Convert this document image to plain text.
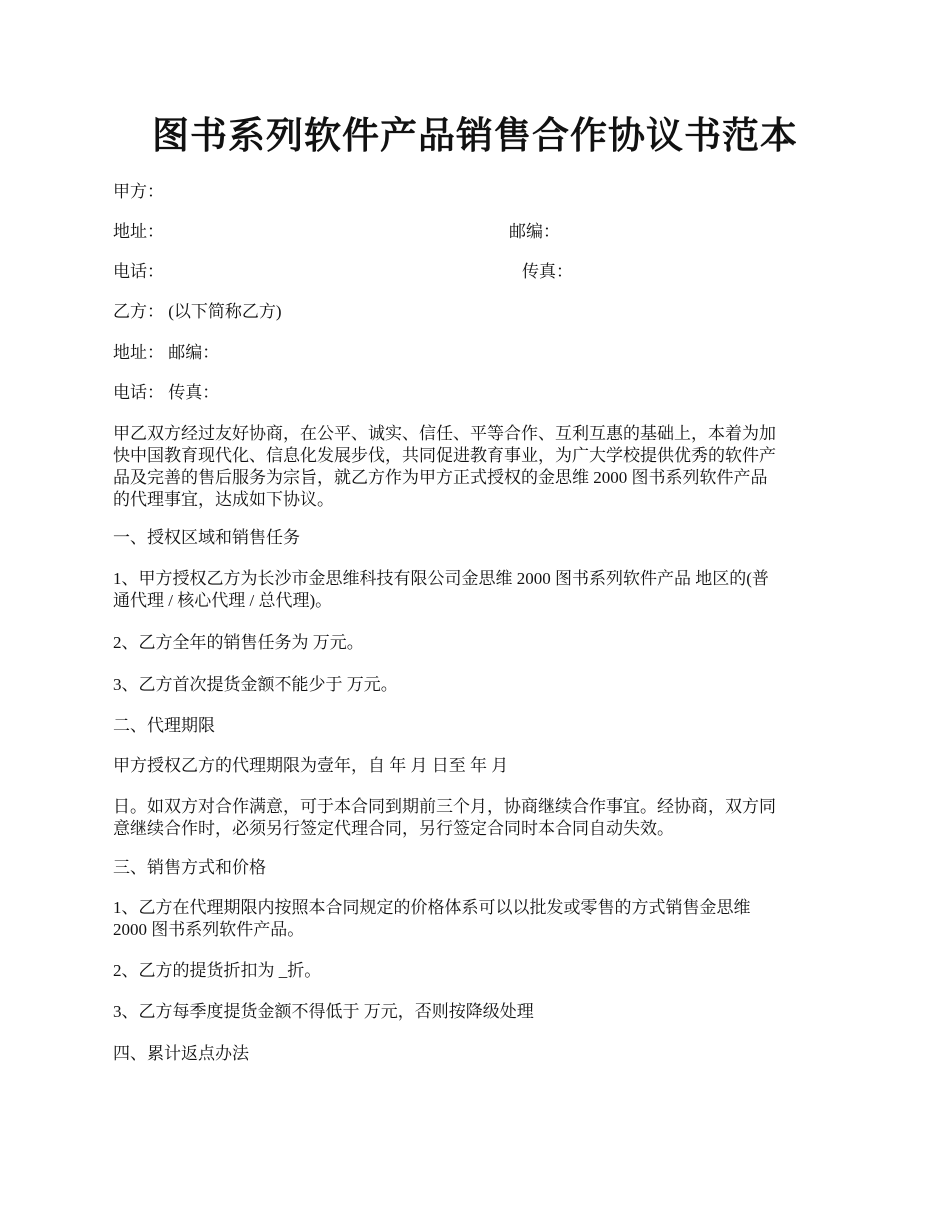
图书系列软件产品销售合作协议书范本
甲方：
地址：	邮编：
电话：	传真：
乙方： (以下简称乙方)
地址： 邮编：
电话： 传真：
甲乙双方经过友好协商，在公平、诚实、信任、平等合作、互利互惠的基础上，本着为加
快中国教育现代化、信息化发展步伐，共同促进教育事业，为广大学校提供优秀的软件产
品及完善的售后服务为宗旨，就乙方作为甲方正式授权的金思维 2000 图书系列软件产品
的代理事宜，达成如下协议。
一、授权区域和销售任务
1、甲方授权乙方为长沙市金思维科技有限公司金思维 2000 图书系列软件产品 地区的(普
通代理 / 核心代理 / 总代理)。
2、乙方全年的销售任务为 万元。
3、乙方首次提货金额不能少于 万元。
二、代理期限
甲方授权乙方的代理期限为壹年，自 年 月 日至 年 月
日。如双方对合作满意，可于本合同到期前三个月，协商继续合作事宜。经协商，双方同
意继续合作时，必须另行签定代理合同，另行签定合同时本合同自动失效。
三、销售方式和价格
1、乙方在代理期限内按照本合同规定的价格体系可以以批发或零售的方式销售金思维
2000 图书系列软件产品。
2、乙方的提货折扣为 _折。
3、乙方每季度提货金额不得低于 万元，否则按降级处理
四、累计返点办法
